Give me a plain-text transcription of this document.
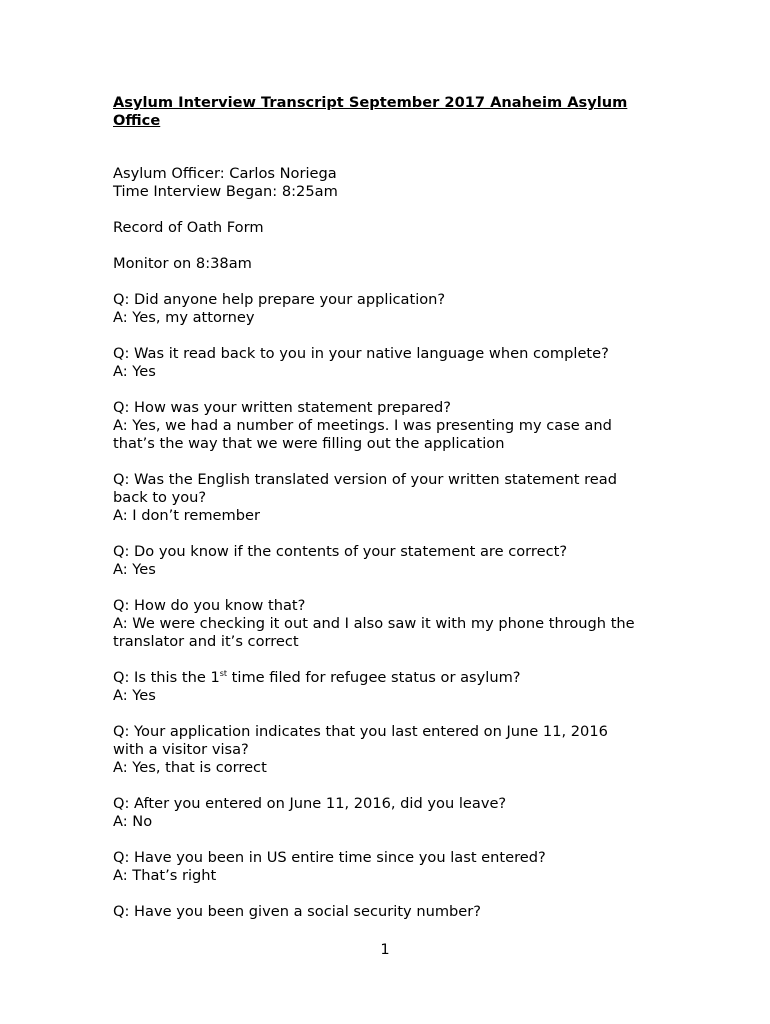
Asylum Interview Transcript September 2017 Anaheim Asylum

Office

Asylum Officer: Carlos Noriega

Time Interview Began: 8:25am

Record of Oath Form

Monitor on 8:38am

Q: Did anyone help prepare your application?

A: Yes, my attorney

Q: Was it read back to you in your native language when complete?

A: Yes

Q: How was your written statement prepared?

A: Yes, we had a number of meetings. I was presenting my case and

that’s the way that we were filling out the application

Q: Was the English translated version of your written statement read

back to you?

A: I don’t remember

Q: Do you know if the contents of your statement are correct?

A: Yes

Q: How do you know that?

A: We were checking it out and I also saw it with my phone through the

translator and it’s correct

Q: Is this the 1st time filed for refugee status or asylum?

A: Yes

Q: Your application indicates that you last entered on June 11, 2016

with a visitor visa?

A: Yes, that is correct

Q: After you entered on June 11, 2016, did you leave?

A: No

Q: Have you been in US entire time since you last entered?

A: That’s right

Q: Have you been given a social security number?

1
